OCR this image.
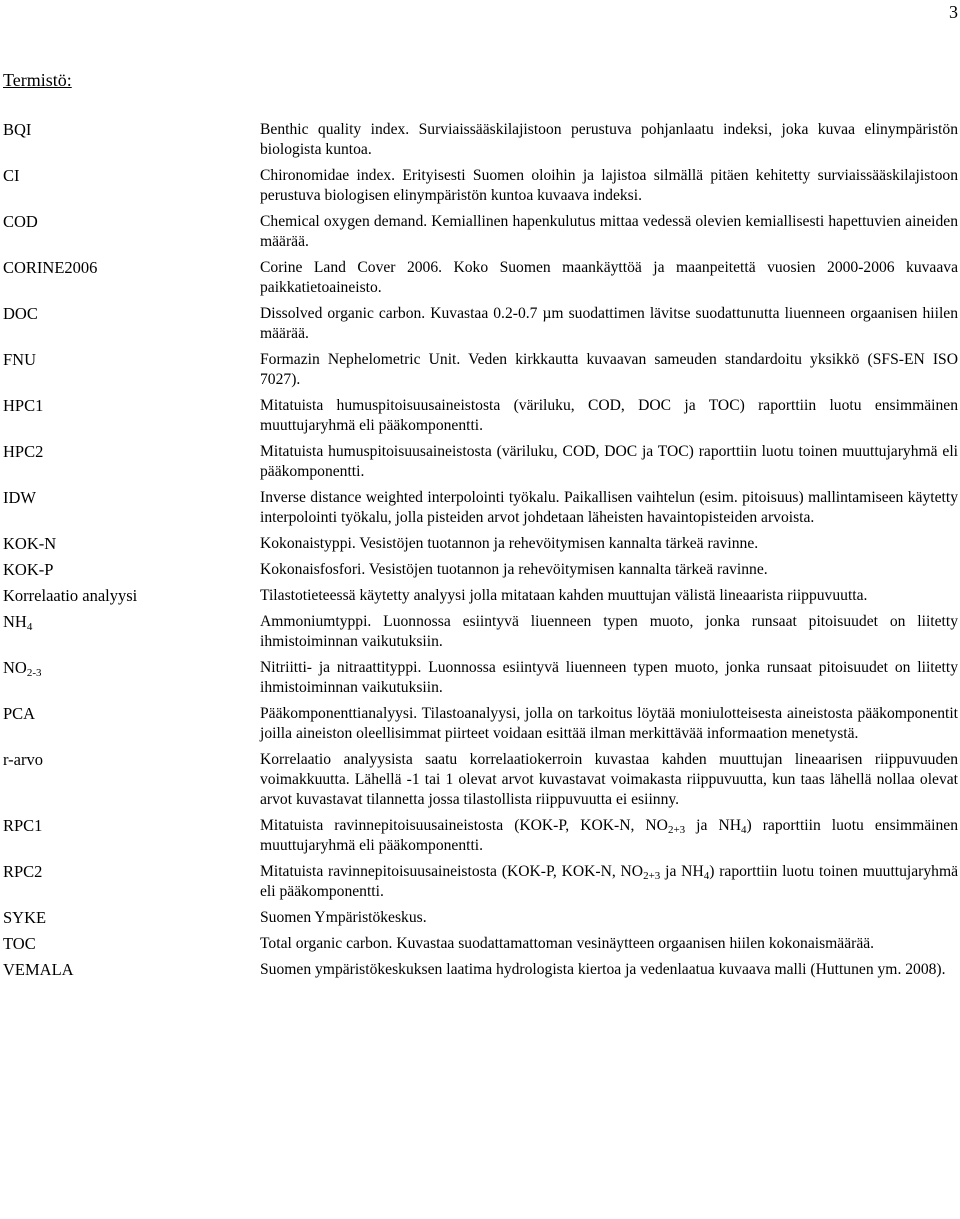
3
Termistö:
BQI	Benthic quality index. Surviaissääskilajistoon perustuva pohjanlaatu indeksi, joka kuvaa elinympäristön biologista kuntoa.
CI	Chironomidae index. Erityisesti Suomen oloihin ja lajistoa silmällä pitäen kehitetty surviaissääskilajistoon perustuva biologisen elinympäristön kuntoa kuvaava indeksi.
COD	Chemical oxygen demand. Kemiallinen hapenkulutus mittaa vedessä olevien kemiallisesti hapettuvien aineiden määrää.
CORINE2006	Corine Land Cover 2006. Koko Suomen maankäyttöä ja maanpeitettä vuosien 2000-2006 kuvaava paikkatietoaineisto.
DOC	Dissolved organic carbon. Kuvastaa 0.2-0.7 µm suodattimen lävitse suodattunutta liuenneen orgaanisen hiilen määrää.
FNU	Formazin Nephelometric Unit. Veden kirkkautta kuvaavan sameuden standardoitu yksikkö (SFS-EN ISO 7027).
HPC1	Mitatuista humuspitoisuusaineistosta (väriluku, COD, DOC ja TOC) raporttiin luotu ensimmäinen muuttujaryhmä eli pääkomponentti.
HPC2	Mitatuista humuspitoisuusaineistosta (väriluku, COD, DOC ja TOC) raporttiin luotu toinen muuttujaryhmä eli pääkomponentti.
IDW	Inverse distance weighted interpolointi työkalu. Paikallisen vaihtelun (esim. pitoisuus) mallintamiseen käytetty interpolointi työkalu, jolla pisteiden arvot johdetaan läheisten havaintopisteiden arvoista.
KOK-N	Kokonaistyppi. Vesistöjen tuotannon ja rehevöitymisen kannalta tärkeä ravinne.
KOK-P	Kokonaisfosfori. Vesistöjen tuotannon ja rehevöitymisen kannalta tärkeä ravinne.
Korrelaatio analyysi	Tilastotieteessä käytetty analyysi jolla mitataan kahden muuttujan välistä lineaarista riippuvuutta.
$NH_4$	Ammoniumtyppi. Luonnossa esiintyvä liuenneen typen muoto, jonka runsaat pitoisuudet on liitetty ihmistoiminnan vaikutuksiin.
$NO_{2-3}$	Nitriitti- ja nitraattityppi. Luonnossa esiintyvä liuenneen typen muoto, jonka runsaat pitoisuudet on liitetty ihmistoiminnan vaikutuksiin.
PCA	Pääkomponenttianalyysi. Tilastoanalyysi, jolla on tarkoitus löytää moniulotteisesta aineistosta pääkomponentit joilla aineiston oleellisimmat piirteet voidaan esittää ilman merkittävää informaation menetystä.
r-arvo	Korrelaatio analyysista saatu korrelaatiokerroin kuvastaa kahden muuttujan lineaarisen riippuvuuden voimakkuutta. Lähellä -1 tai 1 olevat arvot kuvastavat voimakasta riippuvuutta, kun taas lähellä nollaa olevat arvot kuvastavat tilannetta jossa tilastollista riippuvuutta ei esiinny.
RPC1	Mitatuista ravinnepitoisuusaineistosta (KOK-P, KOK-N, $NO_{2+3}$ ja $NH_4$) raporttiin luotu ensimmäinen muuttujaryhmä eli pääkomponentti.
RPC2	Mitatuista ravinnepitoisuusaineistosta (KOK-P, KOK-N, $NO_{2+3}$ ja $NH_4$) raporttiin luotu toinen muuttujaryhmä eli pääkomponentti.
SYKE	Suomen Ympäristökeskus.
TOC	Total organic carbon. Kuvastaa suodattamattoman vesinäytteen orgaanisen hiilen kokonaismäärää.
VEMALA	Suomen ympäristökeskuksen laatima hydrologista kiertoa ja vedenlaatua kuvaava malli (Huttunen ym. 2008).
